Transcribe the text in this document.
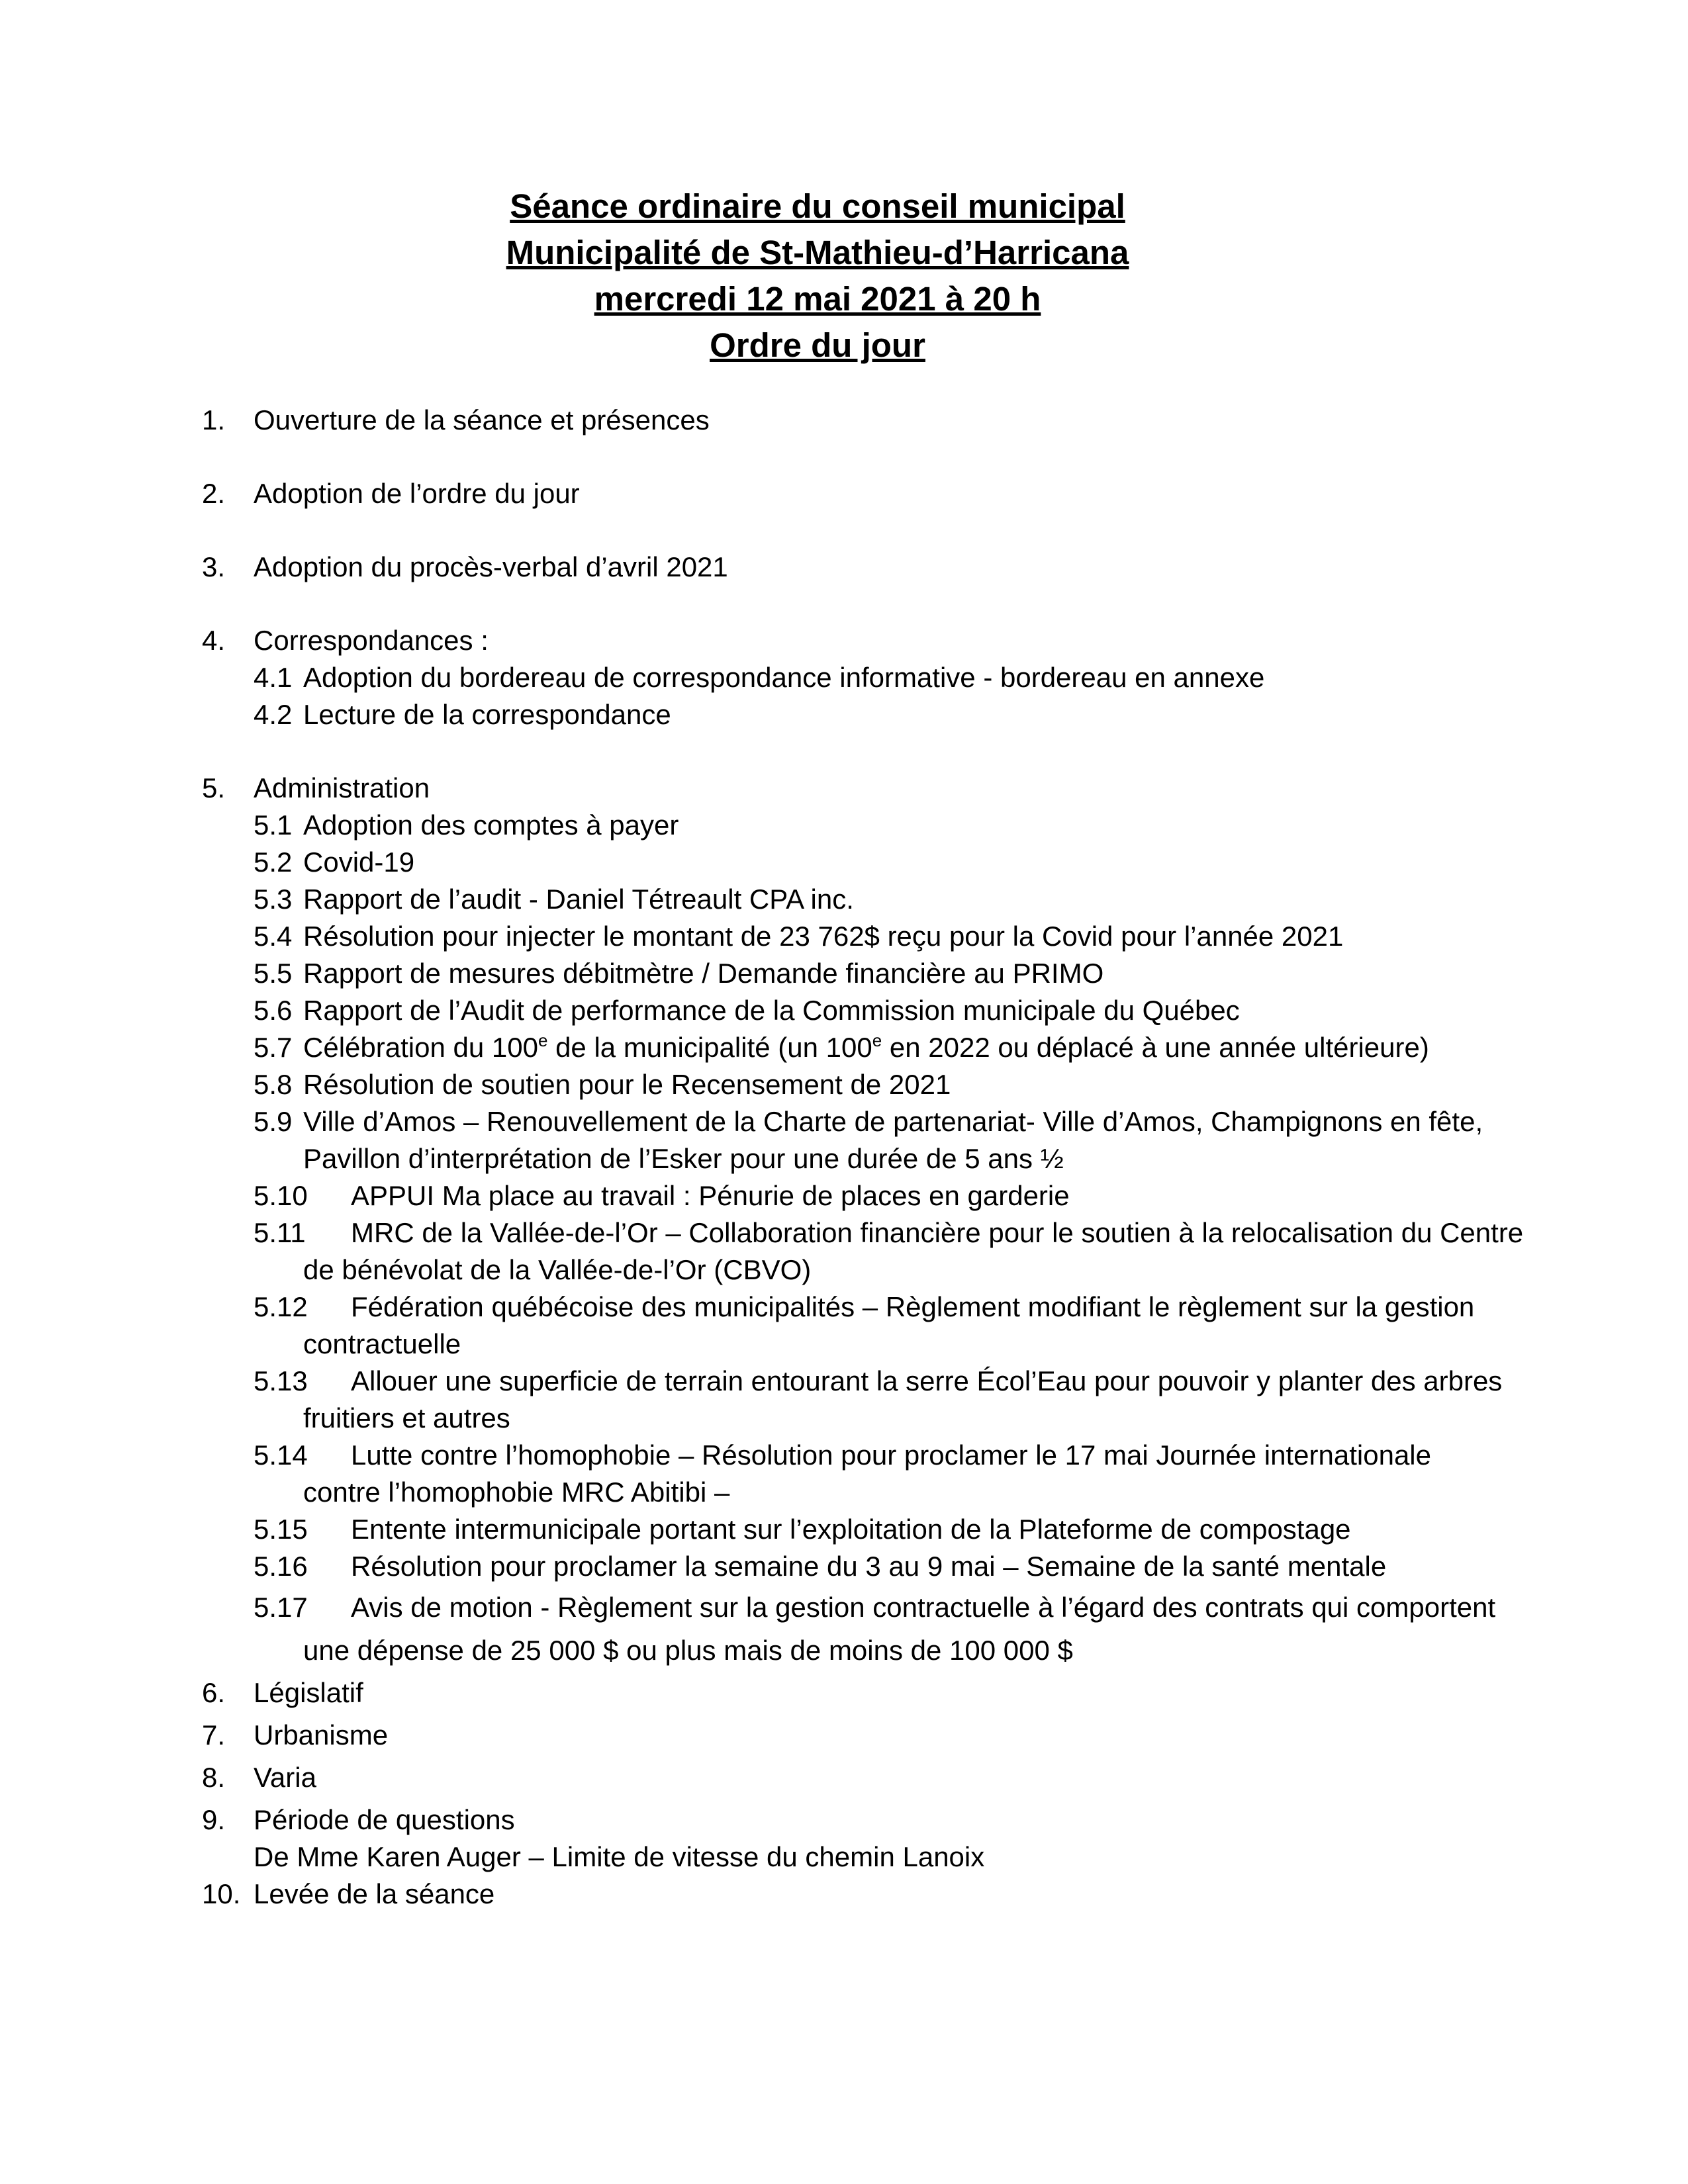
Séance ordinaire du conseil municipal
Municipalité de St-Mathieu-d’Harricana
mercredi 12 mai 2021 à 20 h
Ordre du jour
1. Ouverture de la séance et présences
2. Adoption de l’ordre du jour
3. Adoption du procès-verbal d’avril 2021
4. Correspondances :
4.1 Adoption du bordereau de correspondance informative - bordereau en annexe
4.2 Lecture de la correspondance
5. Administration
5.1 Adoption des comptes à payer
5.2 Covid-19
5.3 Rapport de l’audit - Daniel Tétreault CPA inc.
5.4 Résolution pour injecter le montant de 23 762$ reçu pour la Covid pour l’année 2021
5.5 Rapport de mesures débitmètre / Demande financière au PRIMO
5.6 Rapport de l’Audit de performance de la Commission municipale du Québec
5.7 Célébration du 100e de la municipalité (un 100e en 2022 ou déplacé à une année ultérieure)
5.8 Résolution de soutien pour le Recensement de 2021
5.9 Ville d’Amos – Renouvellement de la Charte de partenariat- Ville d’Amos, Champignons en fête,
Pavillon d’interprétation de l’Esker pour une durée de 5 ans ½
5.10 APPUI Ma place au travail : Pénurie de places en garderie
5.11 MRC de la Vallée-de-l’Or – Collaboration financière pour le soutien à la relocalisation du Centre
de bénévolat de la Vallée-de-l’Or (CBVO)
5.12 Fédération québécoise des municipalités – Règlement modifiant le règlement sur la gestion
contractuelle
5.13 Allouer une superficie de terrain entourant la serre Écol’Eau pour pouvoir y planter des arbres
fruitiers et autres
5.14 Lutte contre l’homophobie – Résolution pour proclamer le 17 mai Journée internationale
contre l’homophobie MRC Abitibi –
5.15 Entente intermunicipale portant sur l’exploitation de la Plateforme de compostage
5.16 Résolution pour proclamer la semaine du 3 au 9 mai – Semaine de la santé mentale
5.17 Avis de motion - Règlement sur la gestion contractuelle à l’égard des contrats qui comportent
une dépense de 25 000 $ ou plus mais de moins de 100 000 $
6. Législatif
7. Urbanisme
8. Varia
9. Période de questions
De Mme Karen Auger – Limite de vitesse du chemin Lanoix
10. Levée de la séance
